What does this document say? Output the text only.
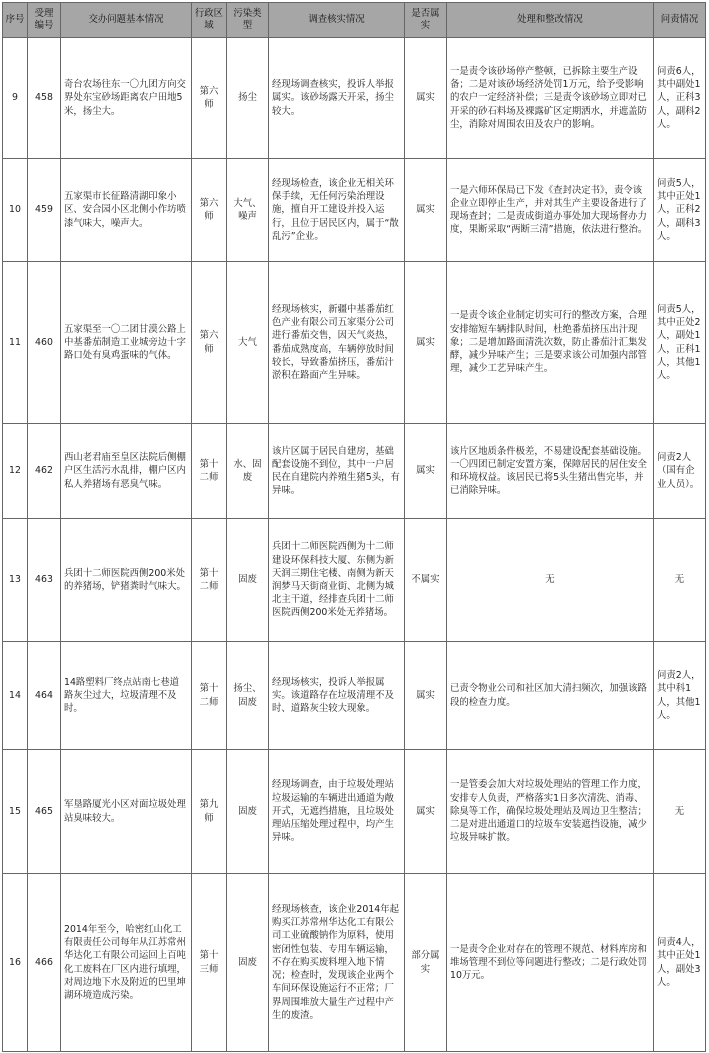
序号	受理编号	交办问题基本情况	行政区域	污染类型	调查核实情况	是否属实	处理和整改情况	问责情况
9	458	奇台农场往东一〇九团方向交界处东宝砂场距离农户田地5米，扬尘大。	第六师	扬尘	经现场调查核实，投诉人举报属实。该砂场露天开采，扬尘较大。	属实	一是责令该砂场停产整顿，已拆除主要生产设备；二是对该砂场经济处罚1万元，给予受影响的农户一定经济补偿；三是责令该砂场立即对已开采的砂石料场及裸露矿区定期洒水，并遮盖防尘，消除对周围农田及农户的影响。	问责6人，其中副处1人，正科3人，副科2人。
10	459	五家渠市长征路清湖印象小区、安合园小区北侧小作坊喷漆气味大，噪声大。	第六师	大气、噪声	经现场检查，该企业无相关环保手续，无任何污染治理设施，擅自开工建设并投入运行，且位于居民区内，属于“散乱污”企业。	属实	一是六师环保局已下发《查封决定书》，责令该企业立即停止生产，并对其生产主要设备进行了现场查封；二是责成街道办事处加大现场督办力度，果断采取“两断三清”措施，依法进行整治。	问责5人，其中正处1人，正科2人，副科3人。
11	460	五家渠至一〇二团甘漠公路上中基番茄制造工业城旁边十字路口处有臭鸡蛋味的气体。	第六师	大气	经现场核实，新疆中基番茄红色产业有限公司五家渠分公司进行番茄交售，因天气炎热，番茄成熟度高，车辆停放时间较长，导致番茄挤压，番茄汁淤积在路面产生异味。	属实	一是责令该企业制定切实可行的整改方案，合理安排缩短车辆排队时间，杜绝番茄挤压出汁现象；二是增加路面清洗次数，防止番茄汁汇集发酵，减少异味产生；三是要求该公司加强内部管理，减少工艺异味产生。	问责5人，其中正处2人，副处1人，正科1人，其他1人。
12	462	西山老君庙至皇区法院后侧棚户区生活污水乱排，棚户区内私人养猪场有恶臭气味。	第十二师	水、固废	该片区属于居民自建房，基础配套设施不到位，其中一户居民在自建院内养殖生猪5头，有异味。	属实	该片区地质条件极差，不易建设配套基础设施。一〇四团已制定安置方案，保障居民的居住安全和环境权益。该居民已将5头生猪出售完毕，并已消除异味。	问责2人（国有企业人员）。
13	463	兵团十二师医院西侧200米处的养猪场，铲猪粪时气味大。	第十二师	固废	兵团十二师医院西侧为十二师建设环保科技大厦、东侧为新天润三期住宅楼、南侧为新天润梦马天街商业街、北侧为城北主干道，经排查兵团十二师医院西侧200米处无养猪场。	不属实	无	无
14	464	14路塑料厂终点站南七巷道路灰尘过大，垃圾清理不及时。	第十二师	扬尘、固废	经现场核实，投诉人举报属实。该道路存在垃圾清理不及时、道路灰尘较大现象。	属实	已责令物业公司和社区加大清扫频次，加强该路段的检查力度。	问责2人，其中科1人，其他1人。
15	465	军垦路厦光小区对面垃圾处理站臭味较大。	第九师	固废	经现场调查，由于垃圾处理站垃圾运输的车辆进出通道为敞开式，无遮挡措施，且垃圾处理站压缩处理过程中，均产生异味。	属实	一是管委会加大对垃圾处理站的管理工作力度，安排专人负责，严格落实1日多次清洗、消毒、除臭等工作，确保垃圾处理站及周边卫生整洁；二是对进出通道口的垃圾车安装遮挡设施，减少垃圾异味扩散。	无
16	466	2014年至今，哈密红山化工有限责任公司每年从江苏常州华达化工有限公司运回上百吨化工废料在厂区内进行填埋，对周边地下水及附近的巴里坤湖环境造成污染。	第十三师	固废	经现场核查，该企业2014年起购买江苏常州华达化工有限公司工业硫酸钠作为原料，使用密闭性包装、专用车辆运输，不存在购买废料埋入地下情况；检查时，发现该企业两个车间环保设施运行不正常；厂界周围堆放大量生产过程中产生的废渣。	部分属实	一是责令企业对存在的管理不规范、材料库房和堆场管理不到位等问题进行整改；二是行政处罚10万元。	问责4人，其中正处1人，副处3人。
